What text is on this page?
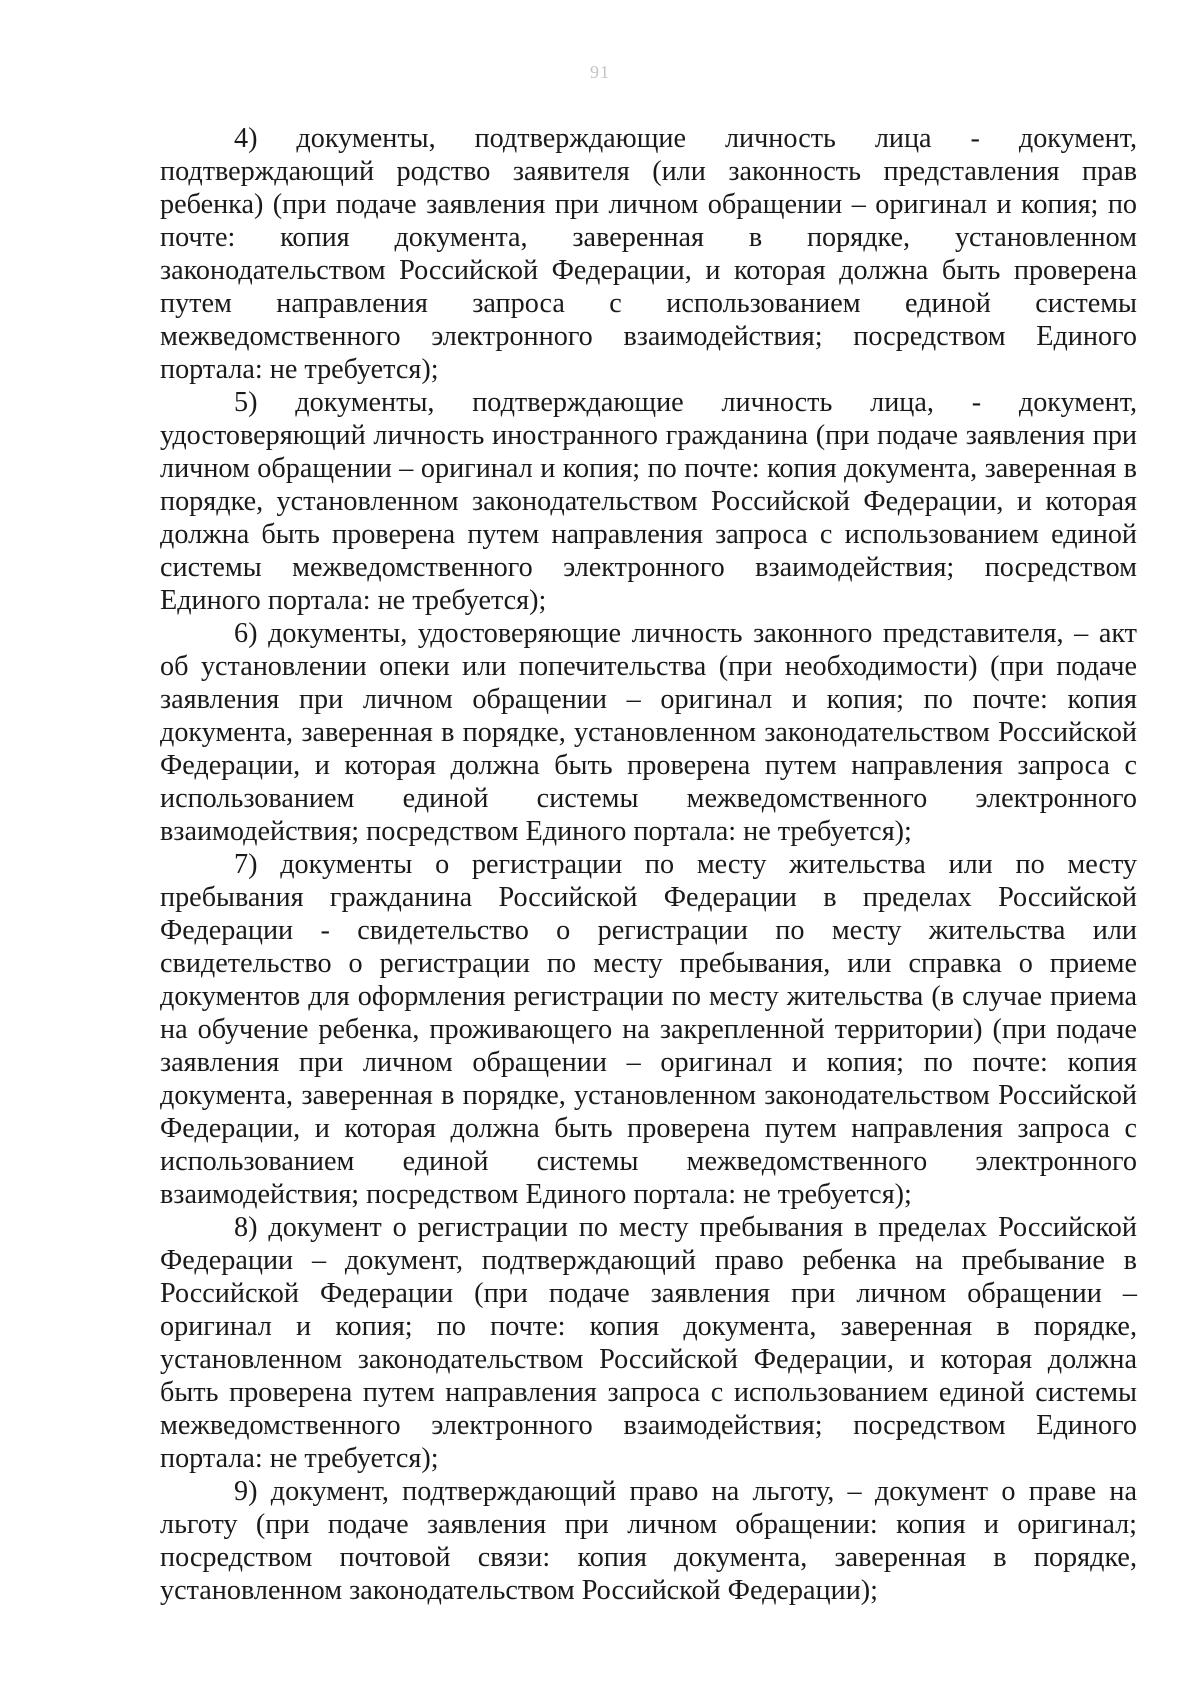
91

4) документы, подтверждающие личность лица - документ, подтверждающий родство заявителя (или законность представления прав ребенка) (при подаче заявления при личном обращении – оригинал и копия; по почте: копия документа, заверенная в порядке, установленном законодательством Российской Федерации, и которая должна быть проверена путем направления запроса с использованием единой системы межведомственного электронного взаимодействия; посредством Единого портала: не требуется);

5) документы, подтверждающие личность лица, - документ, удостоверяющий личность иностранного гражданина (при подаче заявления при личном обращении – оригинал и копия; по почте: копия документа, заверенная в порядке, установленном законодательством Российской Федерации, и которая должна быть проверена путем направления запроса с использованием единой системы межведомственного электронного взаимодействия; посредством Единого портала: не требуется);

6) документы, удостоверяющие личность законного представителя, – акт об установлении опеки или попечительства (при необходимости) (при подаче заявления при личном обращении – оригинал и копия; по почте: копия документа, заверенная в порядке, установленном законодательством Российской Федерации, и которая должна быть проверена путем направления запроса с использованием единой системы межведомственного электронного взаимодействия; посредством Единого портала: не требуется);

7) документы о регистрации по месту жительства или по месту пребывания гражданина Российской Федерации в пределах Российской Федерации - свидетельство о регистрации по месту жительства или свидетельство о регистрации по месту пребывания, или справка о приеме документов для оформления регистрации по месту жительства (в случае приема на обучение ребенка, проживающего на закрепленной территории) (при подаче заявления при личном обращении – оригинал и копия; по почте: копия документа, заверенная в порядке, установленном законодательством Российской Федерации, и которая должна быть проверена путем направления запроса с использованием единой системы межведомственного электронного взаимодействия; посредством Единого портала: не требуется);

8) документ о регистрации по месту пребывания в пределах Российской Федерации – документ, подтверждающий право ребенка на пребывание в Российской Федерации (при подаче заявления при личном обращении – оригинал и копия; по почте: копия документа, заверенная в порядке, установленном законодательством Российской Федерации, и которая должна быть проверена путем направления запроса с использованием единой системы межведомственного электронного взаимодействия; посредством Единого портала: не требуется);

9) документ, подтверждающий право на льготу, – документ о праве на льготу (при подаче заявления при личном обращении: копия и оригинал; посредством почтовой связи: копия документа, заверенная в порядке, установленном законодательством Российской Федерации);
